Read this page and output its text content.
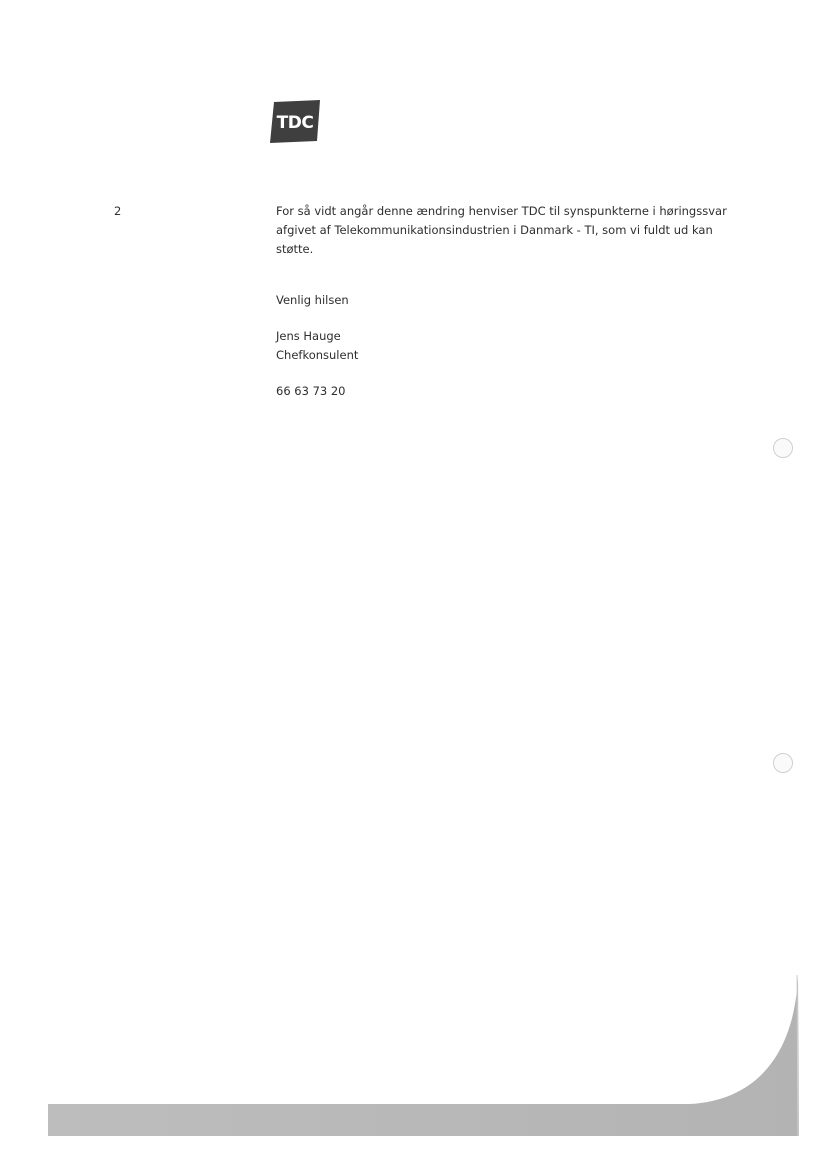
TDC
2	For så vidt angår denne ændring henviser TDC til synspunkterne i høringssvar
afgivet af Telekommunikationsindustrien i Danmark - TI, som vi fuldt ud kan
støtte.
Venlig hilsen
Jens Hauge
Chefkonsulent
66 63 73 20
